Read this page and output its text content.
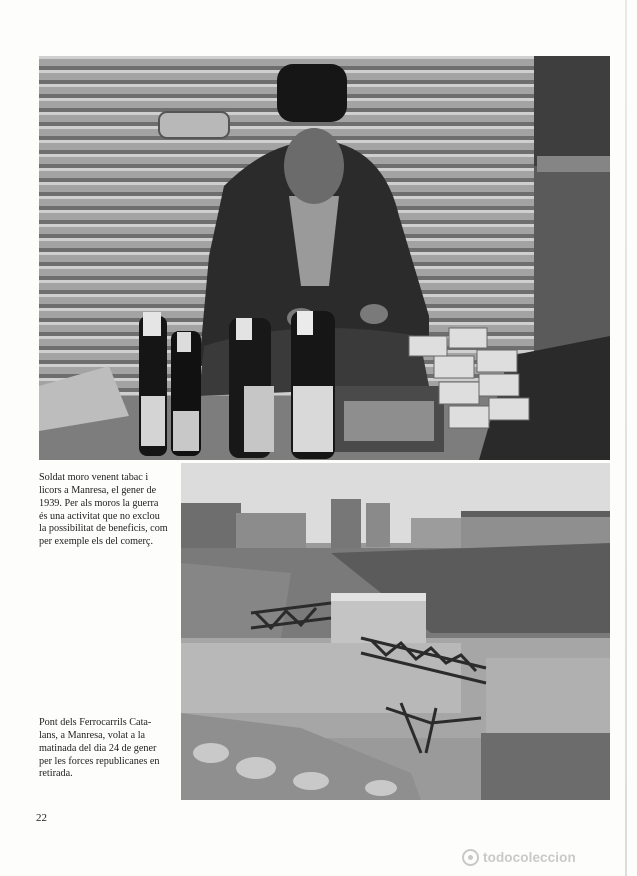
Soldat moro venent tabac i
licors a Manresa, el gener de
1939. Per als moros la guerra
és una activitat que no exclou
la possibilitat de beneficis, com
per exemple els del comerç.

Pont dels Ferrocarrils Cata-
lans, a Manresa, volat a la
matinada del dia 24 de gener
per les forces republicanes en
retirada.

22
todocoleccion
